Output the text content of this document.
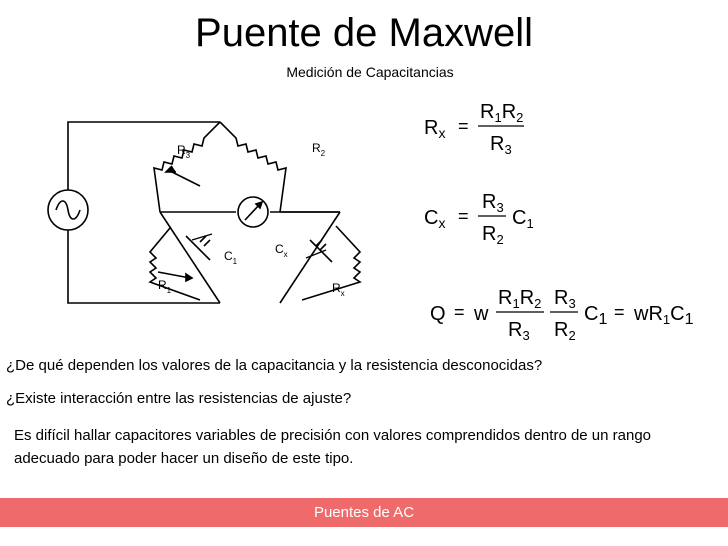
Puente de Maxwell
Medición de Capacitancias
$R_3$
$R_2$
$C_1$
$C_x$
$R_1$	$R_x$
$R_x$ =
$R_1R_2$
$R_3$
$C_x$ =
$R_3$
$R_2$
$C_1$
Q = w
$R_1R_2$
$R_3$
$R_3$
$R_2$
$C_1 = wR_1C_1$
¿De qué dependen los valores de la capacitancia y la resistencia desconocidas?
¿Existe interacción entre las resistencias de ajuste?
Es difícil hallar capacitores variables de precisión con valores comprendidos dentro de un rango adecuado para poder hacer un diseño de este tipo.
Puentes de AC
